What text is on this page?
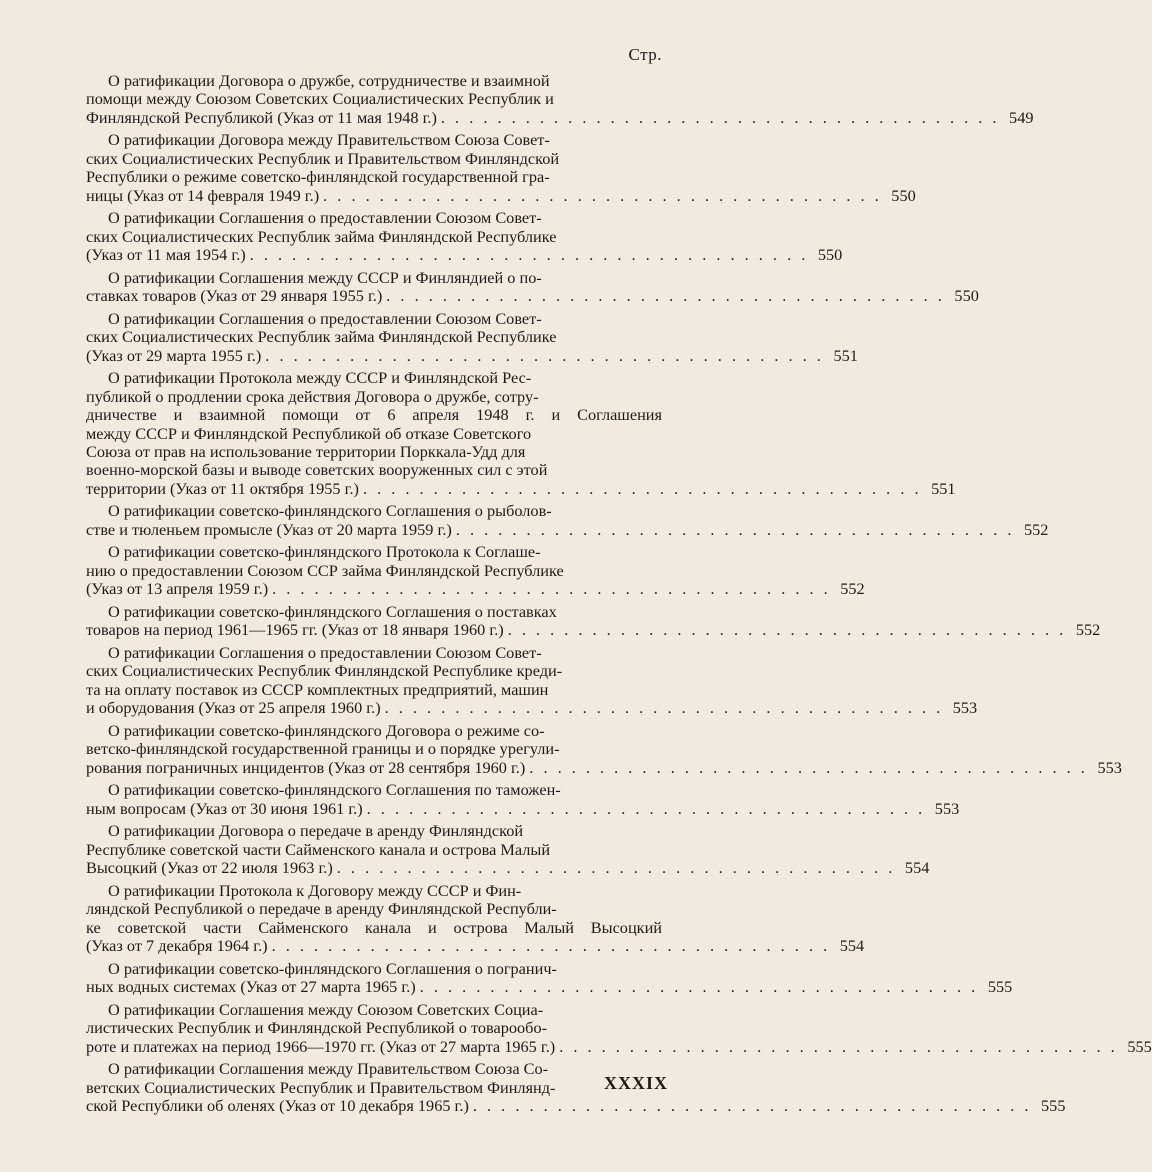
Стр.
О ратификации Договора о дружбе, сотрудничестве и взаимной
помощи между Союзом Советских Социалистических Республик и
Финляндской Республикой (Указ от 11 мая 1948 г.) . . . . . . . . . . . . . . . . . . . . . . . . . . . . . . . . . . . . . . . . 549
О ратификации Договора между Правительством Союза Совет-
ских Социалистических Республик и Правительством Финляндской
Республики о режиме советско-финляндской государственной гра-
ницы (Указ от 14 февраля 1949 г.) . . . . . . . . . . . . . . . . . . . . . . . . . . . . . . . . . . . . . . . . 550
О ратификации Соглашения о предоставлении Союзом Совет-
ских Социалистических Республик займа Финляндской Республике
(Указ от 11 мая 1954 г.) . . . . . . . . . . . . . . . . . . . . . . . . . . . . . . . . . . . . . . . . 550
О ратификации Соглашения между СССР и Финляндией о по-
ставках товаров (Указ от 29 января 1955 г.) . . . . . . . . . . . . . . . . . . . . . . . . . . . . . . . . . . . . . . . . 550
О ратификации Соглашения о предоставлении Союзом Совет-
ских Социалистических Республик займа Финляндской Республике
(Указ от 29 марта 1955 г.) . . . . . . . . . . . . . . . . . . . . . . . . . . . . . . . . . . . . . . . . 551
О ратификации Протокола между СССР и Финляндской Рес-
публикой о продлении срока действия Договора о дружбе, сотру-
дничестве и взаимной помощи от 6 апреля 1948 г. и Соглашения
между СССР и Финляндской Республикой об отказе Советского
Союза от прав на использование территории Порккала-Удд для
военно-морской базы и выводе советских вооруженных сил с этой
территории (Указ от 11 октября 1955 г.) . . . . . . . . . . . . . . . . . . . . . . . . . . . . . . . . . . . . . . . . 551
О ратификации советско-финляндского Соглашения о рыболов-
стве и тюленьем промысле (Указ от 20 марта 1959 г.) . . . . . . . . . . . . . . . . . . . . . . . . . . . . . . . . . . . . . . . . 552
О ратификации советско-финляндского Протокола к Соглаше-
нию о предоставлении Союзом ССР займа Финляндской Республике
(Указ от 13 апреля 1959 г.) . . . . . . . . . . . . . . . . . . . . . . . . . . . . . . . . . . . . . . . . 552
О ратификации советско-финляндского Соглашения о поставках
товаров на период 1961—1965 гг. (Указ от 18 января 1960 г.) . . . . . . . . . . . . . . . . . . . . . . . . . . . . . . . . . . . . . . . . 552
О ратификации Соглашения о предоставлении Союзом Совет-
ских Социалистических Республик Финляндской Республике креди-
та на оплату поставок из СССР комплектных предприятий, машин
и оборудования (Указ от 25 апреля 1960 г.) . . . . . . . . . . . . . . . . . . . . . . . . . . . . . . . . . . . . . . . . 553
О ратификации советско-финляндского Договора о режиме со-
ветско-финляндской государственной границы и о порядке урегули-
рования пограничных инцидентов (Указ от 28 сентября 1960 г.) . . . . . . . . . . . . . . . . . . . . . . . . . . . . . . . . . . . . . . . . 553
О ратификации советско-финляндского Соглашения по таможен-
ным вопросам (Указ от 30 июня 1961 г.) . . . . . . . . . . . . . . . . . . . . . . . . . . . . . . . . . . . . . . . . 553
О ратификации Договора о передаче в аренду Финляндской
Республике советской части Сайменского канала и острова Малый
Высоцкий (Указ от 22 июля 1963 г.) . . . . . . . . . . . . . . . . . . . . . . . . . . . . . . . . . . . . . . . . 554
О ратификации Протокола к Договору между СССР и Фин-
ляндской Республикой о передаче в аренду Финляндской Республи-
ке советской части Сайменского канала и острова Малый Высоцкий
(Указ от 7 декабря 1964 г.) . . . . . . . . . . . . . . . . . . . . . . . . . . . . . . . . . . . . . . . . 554
О ратификации советско-финляндского Соглашения о погранич-
ных водных системах (Указ от 27 марта 1965 г.) . . . . . . . . . . . . . . . . . . . . . . . . . . . . . . . . . . . . . . . . 555
О ратификации Соглашения между Союзом Советских Социа-
листических Республик и Финляндской Республикой о товарообо-
роте и платежах на период 1966—1970 гг. (Указ от 27 марта 1965 г.) . . . . . . . . . . . . . . . . . . . . . . . . . . . . . . . . . . . . . . . . 555
О ратификации Соглашения между Правительством Союза Со-
ветских Социалистических Республик и Правительством Финлянд-
ской Республики об оленях (Указ от 10 декабря 1965 г.) . . . . . . . . . . . . . . . . . . . . . . . . . . . . . . . . . . . . . . . . 555
XXXIX
